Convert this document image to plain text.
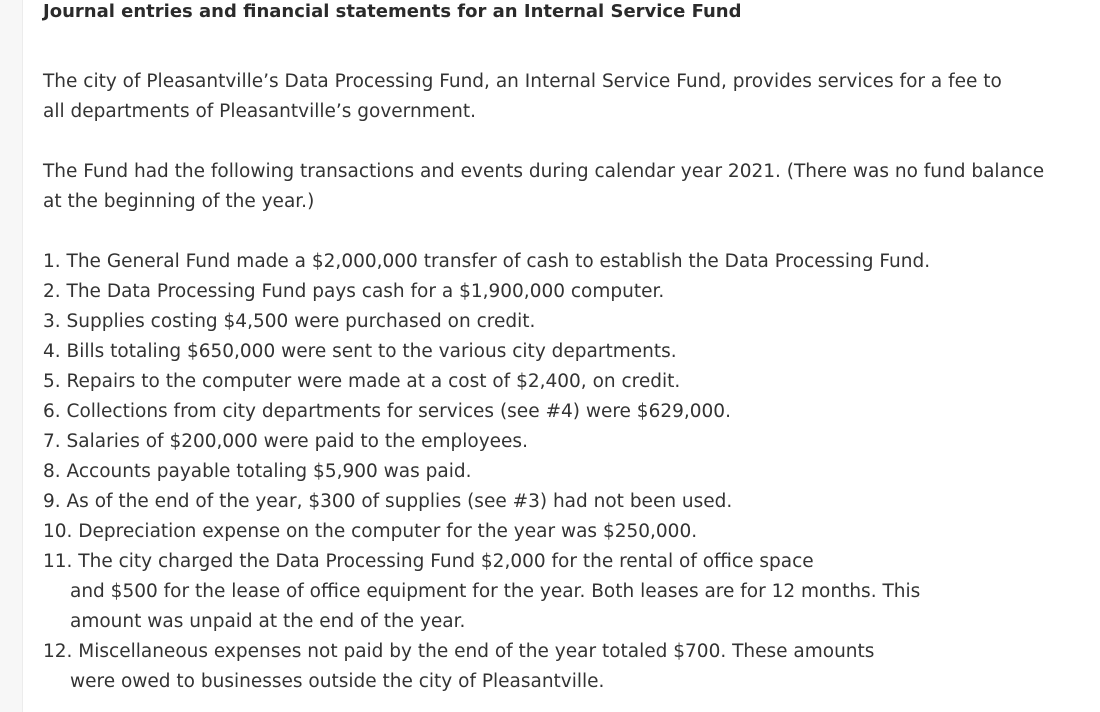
Journal entries and financial statements for an Internal Service Fund

The city of Pleasantville’s Data Processing Fund, an Internal Service Fund, provides services for a fee to
all departments of Pleasantville’s government.

The Fund had the following transactions and events during calendar year 2021. (There was no fund balance
at the beginning of the year.)

1. The General Fund made a $2,000,000 transfer of cash to establish the Data Processing Fund.
2. The Data Processing Fund pays cash for a $1,900,000 computer.
3. Supplies costing $4,500 were purchased on credit.
4. Bills totaling $650,000 were sent to the various city departments.
5. Repairs to the computer were made at a cost of $2,400, on credit.
6. Collections from city departments for services (see #4) were $629,000.
7. Salaries of $200,000 were paid to the employees.
8. Accounts payable totaling $5,900 was paid.
9. As of the end of the year, $300 of supplies (see #3) had not been used.
10. Depreciation expense on the computer for the year was $250,000.
11. The city charged the Data Processing Fund $2,000 for the rental of office space
and $500 for the lease of office equipment for the year. Both leases are for 12 months. This
amount was unpaid at the end of the year.
12. Miscellaneous expenses not paid by the end of the year totaled $700. These amounts
were owed to businesses outside the city of Pleasantville.
